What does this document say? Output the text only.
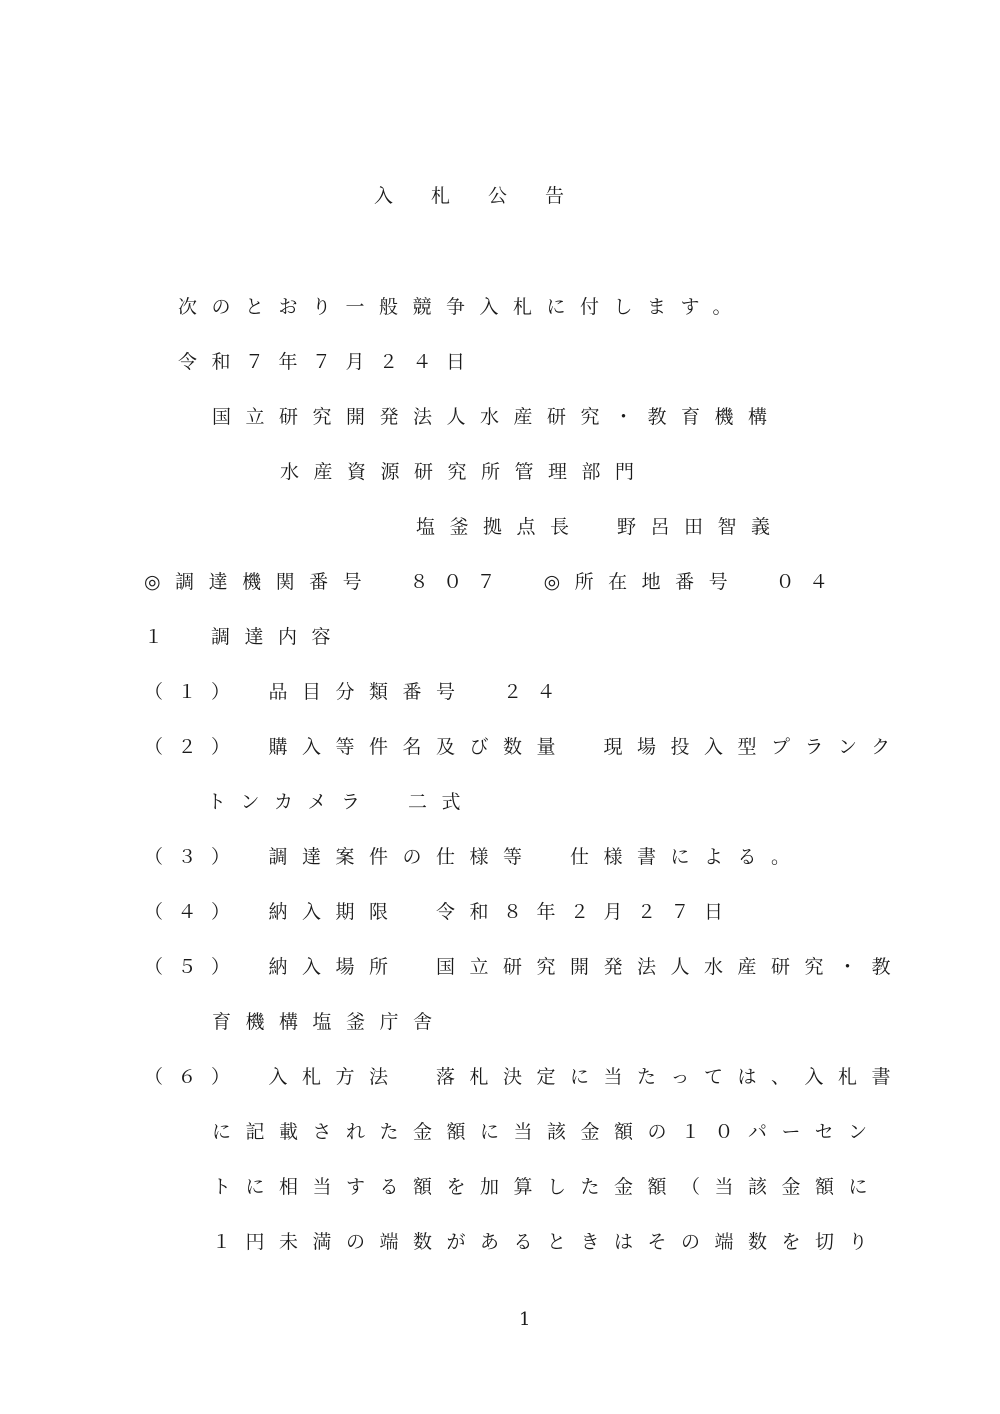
入　　札　　公　　告
次のとおり一般競争入札に付します。
令和７年７月２４日
国立研究開発法人水産研究・教育機構
水産資源研究所管理部門
塩釜拠点長　野呂田智義
◎調達機関番号　８０７　◎所在地番号　０４
１　調達内容
（１）　品目分類番号　２４
（２）　購入等件名及び数量　現場投入型プランク
トンカメラ　二式
（３）　調達案件の仕様等　仕様書による。
（４）　納入期限　令和８年２月２７日
（５）　納入場所　国立研究開発法人水産研究・教
育機構塩釜庁舎
（６）　入札方法　落札決定に当たっては、入札書
に記載された金額に当該金額の１０パーセン
トに相当する額を加算した金額（当該金額に
１円未満の端数があるときはその端数を切り
1
